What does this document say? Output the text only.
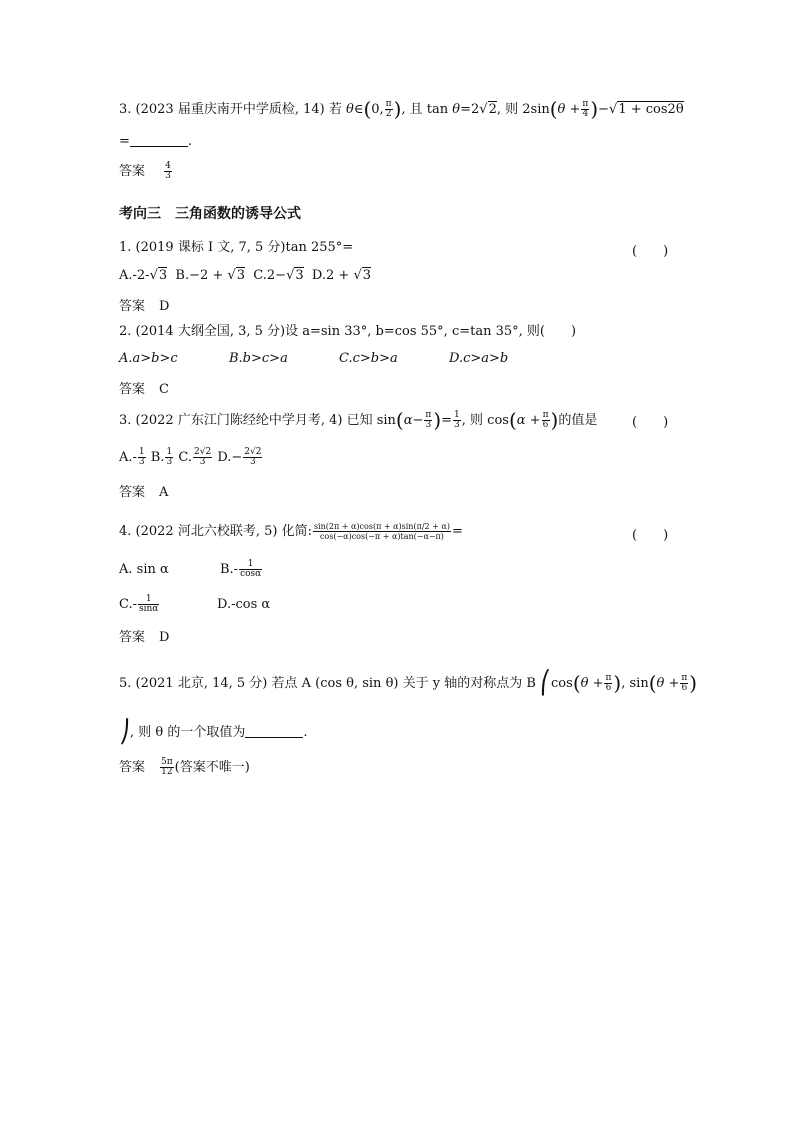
3. (2023 届重庆南开中学质检, 14) 若 θ∈(0, $\frac{\pi}{2}$ ), 且 tan θ=2√2, 则 $2\sin(\theta + \frac{\pi}{4} )-√1 + \cos 2\theta$
=	.
答案 $\frac{4}{3}$
考向三　三角函数的诱导公式
1. (2019 课标 Ⅰ 文, 7, 5 分)tan 255°=	(　　)
A.-2-√3 B.−2 + √3 C.2−√3 D.2 + √3
答案 D
2. (2014 大纲全国, 3, 5 分)设 a=sin 33°, b=cos 55°, c=tan 35°, 则(　　)
A.a>b>c	B.b>c>a	C.c>b>a	D.c>a>b
答案 C
3. (2022 广东江门陈经纶中学月考, 4) 已知 $\sin(\alpha- \frac{\pi}{3}$ )= $\frac{1}{3}$ , 则 $\cos(\alpha + \frac{\pi}{6}$ )的值是	(　　)
$A.- \frac{1}{3} B$. $\frac{1}{3} C$. $\frac{2√2}{3} D.- \frac{2√2}{3}$
答案 A
4. (2022 河北六校联考, 5) 化简: $\frac{\sin(2\pi + \alpha)\cos(\pi + \alpha)\sin(\pi/2 + \alpha)}{\cos(-\alpha)\cos(-\pi + \alpha)\tan(-\alpha-\pi)}$ =	(　　)
A. sin α	$B.- \frac{1}{\cos\alpha}$
$C.- \frac{1}{\sin\alpha}$	D.-cos α
答案 D
5. (2021 北京, 14, 5 分) 若点 A (cos θ, sin θ) 关于 y 轴的对称点为 B ⎛cos(θ + $\frac{\pi}{6}$ ), $\sin(\theta + \frac{\pi}{6}$ )
⎠, 则 θ 的一个取值为	.
答案 $\frac{5\pi}{12}$ (答案不唯一)
